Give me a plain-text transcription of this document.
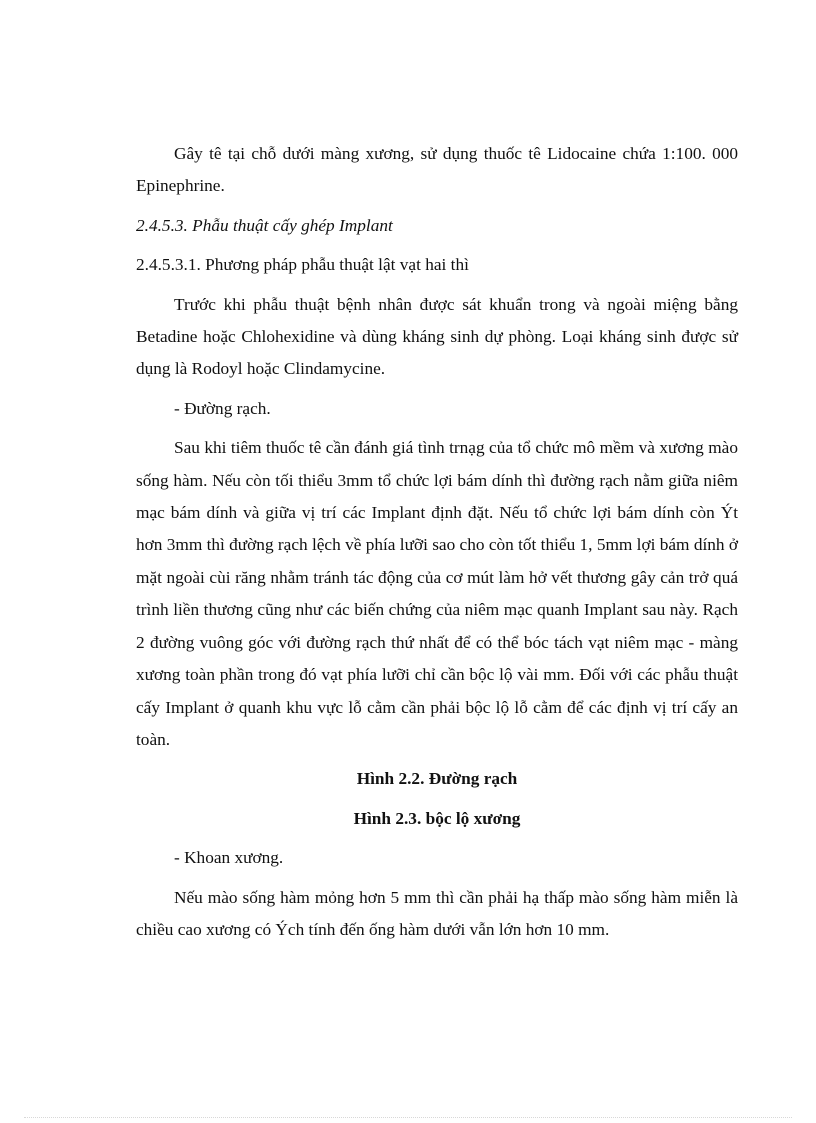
Gây tê tại chỗ dưới màng xương, sử dụng thuốc tê Lidocaine chứa 1:100. 000 Epinephrine.

2.4.5.3. Phẫu thuật cấy ghép Implant

2.4.5.3.1. Phương pháp phẫu thuật lật vạt hai thì

Trước khi phẫu thuật bệnh nhân được sát khuẩn trong và ngoài miệng bằng Betadine hoặc Chlohexidine và dùng kháng sinh dự phòng. Loại kháng sinh được sử dụng là Rodoyl hoặc Clindamycine.

- Đường rạch.

Sau khi tiêm thuốc tê cần đánh giá tình trnạg của tổ chức mô mềm và xương mào sống hàm. Nếu còn tối thiểu 3mm tổ chức lợi bám dính thì đường rạch nằm giữa niêm mạc bám dính và giữa vị trí các Implant định đặt. Nếu tổ chức lợi bám dính còn Ýt hơn 3mm thì đường rạch lệch về phía lưỡi sao cho còn tốt thiểu 1, 5mm lợi bám dính ở mặt ngoài cùi răng nhằm tránh tác động của cơ mút làm hở vết thương gây cản trở quá trình liền thương cũng như các biến chứng của niêm mạc quanh Implant sau này. Rạch 2 đường vuông góc với đường rạch thứ nhất để có thể bóc tách vạt niêm mạc - màng xương toàn phần trong đó vạt phía lưỡi chỉ cần bộc lộ vài mm. Đối với các phẫu thuật cấy Implant ở quanh khu vực lỗ cằm cần phải bộc lộ lỗ cằm để các định vị trí cấy an toàn.

Hình 2.2. Đường rạch

Hình 2.3. bộc lộ xương

- Khoan xương.

Nếu mào sống hàm mỏng hơn 5 mm thì cần phải hạ thấp mào sống hàm miễn là chiều cao xương có Ých tính đến ống hàm dưới vẫn lớn hơn 10 mm.
